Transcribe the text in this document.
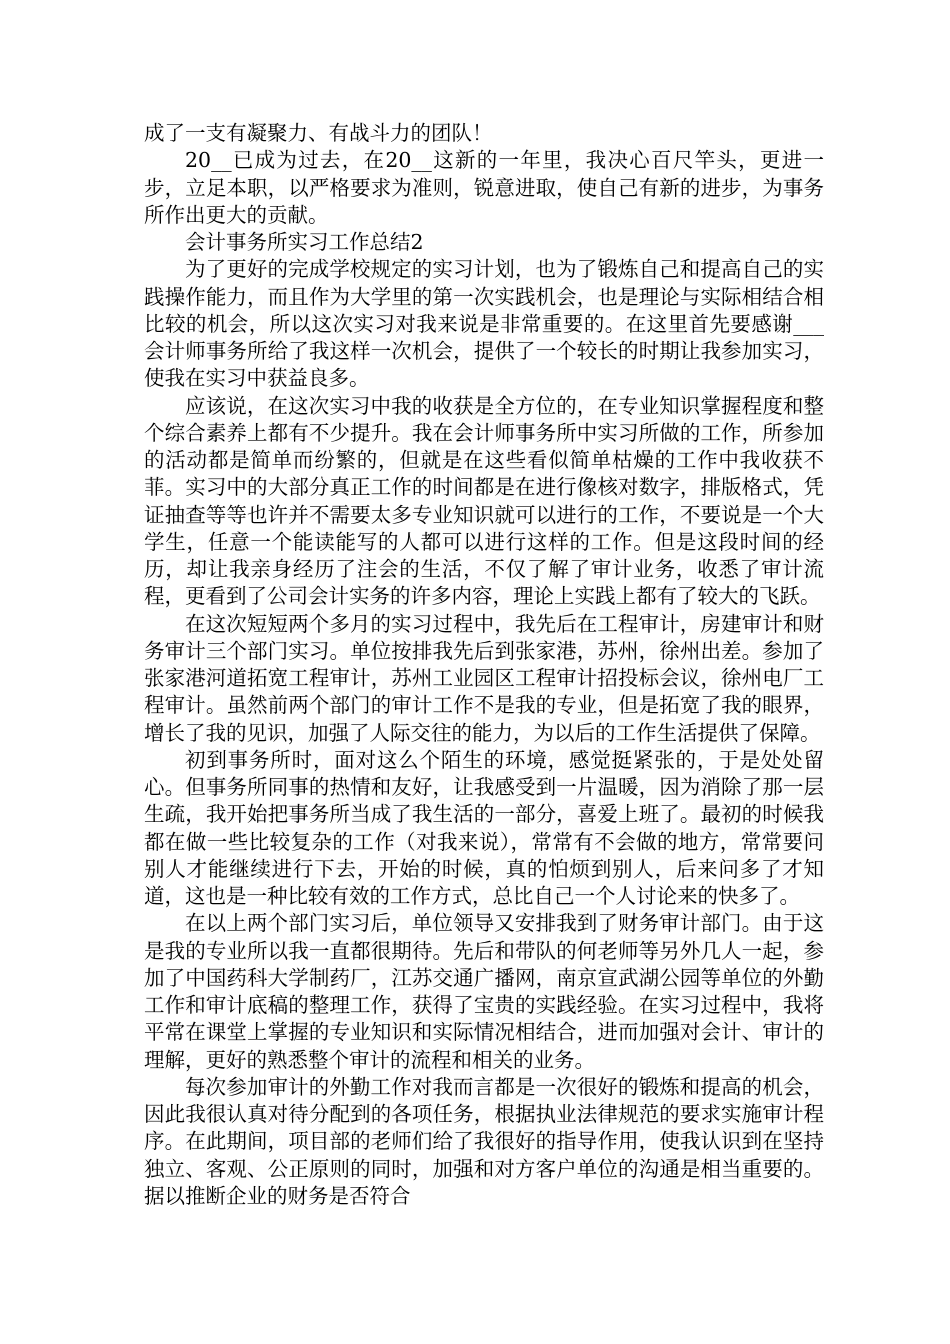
成了一支有凝聚力、有战斗力的团队！

20__已成为过去，在20__这新的一年里，我决心百尺竿头，更进一步，立足本职，以严格要求为准则，锐意进取，使自己有新的进步，为事务所作出更大的贡献。

会计事务所实习工作总结2

为了更好的完成学校规定的实习计划，也为了锻炼自己和提高自己的实践操作能力，而且作为大学里的第一次实践机会，也是理论与实际相结合相比较的机会，所以这次实习对我来说是非常重要的。在这里首先要感谢___会计师事务所给了我这样一次机会，提供了一个较长的时期让我参加实习，使我在实习中获益良多。

应该说，在这次实习中我的收获是全方位的，在专业知识掌握程度和整个综合素养上都有不少提升。我在会计师事务所中实习所做的工作，所参加的活动都是简单而纷繁的，但就是在这些看似简单枯燥的工作中我收获不菲。实习中的大部分真正工作的时间都是在进行像核对数字，排版格式，凭证抽查等等也许并不需要太多专业知识就可以进行的工作，不要说是一个大学生，任意一个能读能写的人都可以进行这样的工作。但是这段时间的经历，却让我亲身经历了注会的生活，不仅了解了审计业务，收悉了审计流程，更看到了公司会计实务的许多内容，理论上实践上都有了较大的飞跃。

在这次短短两个多月的实习过程中，我先后在工程审计，房建审计和财务审计三个部门实习。单位按排我先后到张家港，苏州，徐州出差。参加了张家港河道拓宽工程审计，苏州工业园区工程审计招投标会议，徐州电厂工程审计。虽然前两个部门的审计工作不是我的专业，但是拓宽了我的眼界，增长了我的见识，加强了人际交往的能力，为以后的工作生活提供了保障。

初到事务所时，面对这么个陌生的环境，感觉挺紧张的，于是处处留心。但事务所同事的热情和友好，让我感受到一片温暖，因为消除了那一层生疏，我开始把事务所当成了我生活的一部分，喜爱上班了。最初的时候我都在做一些比较复杂的工作（对我来说），常常有不会做的地方，常常要问别人才能继续进行下去，开始的时候，真的怕烦到别人，后来问多了才知道，这也是一种比较有效的工作方式，总比自己一个人讨论来的快多了。

在以上两个部门实习后，单位领导又安排我到了财务审计部门。由于这是我的专业所以我一直都很期待。先后和带队的何老师等另外几人一起，参加了中国药科大学制药厂，江苏交通广播网，南京宣武湖公园等单位的外勤工作和审计底稿的整理工作，获得了宝贵的实践经验。在实习过程中，我将平常在课堂上掌握的专业知识和实际情况相结合，进而加强对会计、审计的理解，更好的熟悉整个审计的流程和相关的业务。

每次参加审计的外勤工作对我而言都是一次很好的锻炼和提高的机会，因此我很认真对待分配到的各项任务，根据执业法律规范的要求实施审计程序。在此期间，项目部的老师们给了我很好的指导作用，使我认识到在坚持独立、客观、公正原则的同时，加强和对方客户单位的沟通是相当重要的。据以推断企业的财务是否符合
